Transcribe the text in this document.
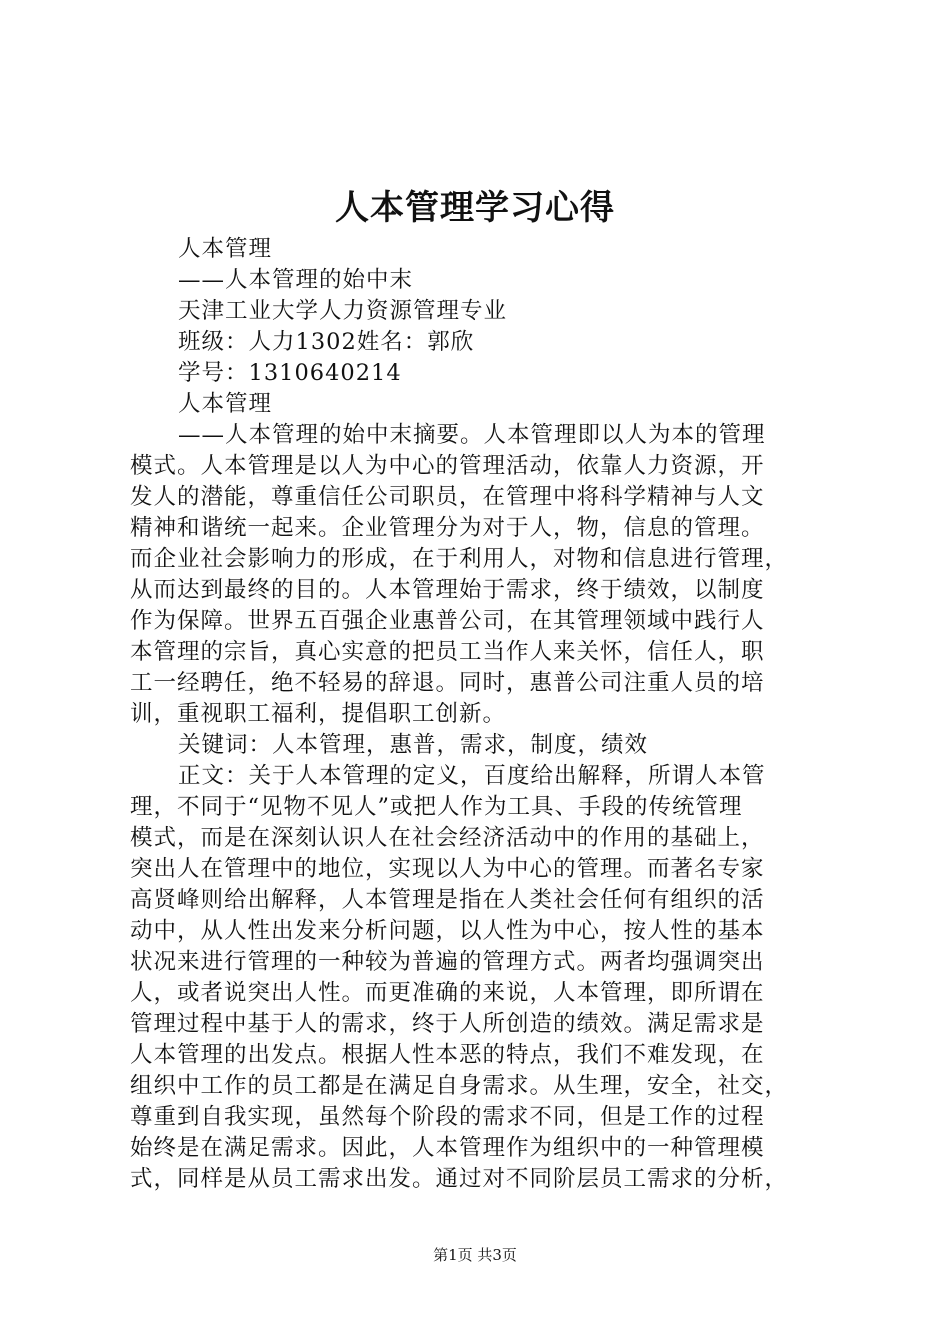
人本管理学习心得
人本管理
——人本管理的始中末
天津工业大学人力资源管理专业
班级：人力1302姓名：郭欣
学号：1310640214
人本管理
——人本管理的始中末摘要。人本管理即以人为本的管理
模式。人本管理是以人为中心的管理活动，依靠人力资源，开
发人的潜能，尊重信任公司职员，在管理中将科学精神与人文
精神和谐统一起来。企业管理分为对于人，物，信息的管理。
而企业社会影响力的形成，在于利用人，对物和信息进行管理，
从而达到最终的目的。人本管理始于需求，终于绩效，以制度
作为保障。世界五百强企业惠普公司，在其管理领域中践行人
本管理的宗旨，真心实意的把员工当作人来关怀，信任人，职
工一经聘任，绝不轻易的辞退。同时，惠普公司注重人员的培
训，重视职工福利，提倡职工创新。
关键词：人本管理，惠普，需求，制度，绩效
正文：关于人本管理的定义，百度给出解释，所谓人本管
理，不同于“见物不见人”或把人作为工具、手段的传统管理
模式，而是在深刻认识人在社会经济活动中的作用的基础上，
突出人在管理中的地位，实现以人为中心的管理。而著名专家
高贤峰则给出解释，人本管理是指在人类社会任何有组织的活
动中，从人性出发来分析问题，以人性为中心，按人性的基本
状况来进行管理的一种较为普遍的管理方式。两者均强调突出
人，或者说突出人性。而更准确的来说，人本管理，即所谓在
管理过程中基于人的需求，终于人所创造的绩效。满足需求是
人本管理的出发点。根据人性本恶的特点，我们不难发现，在
组织中工作的员工都是在满足自身需求。从生理，安全，社交，
尊重到自我实现，虽然每个阶段的需求不同，但是工作的过程
始终是在满足需求。因此，人本管理作为组织中的一种管理模
式，同样是从员工需求出发。通过对不同阶层员工需求的分析，
第1页 共3页
